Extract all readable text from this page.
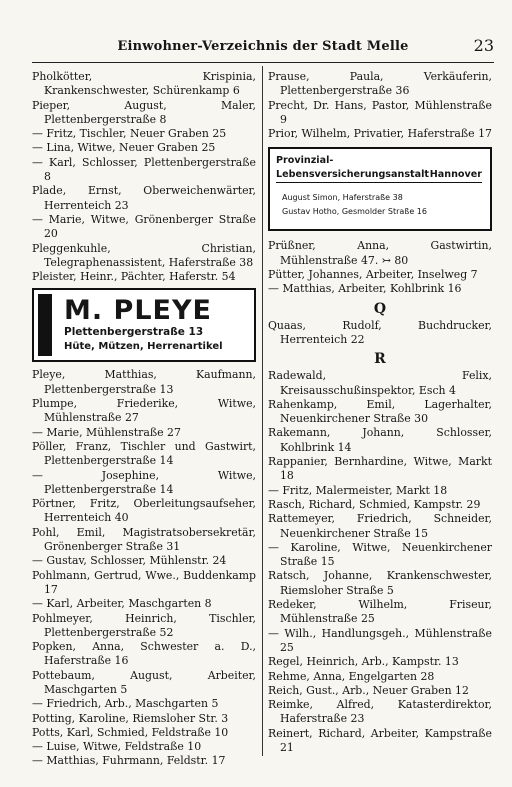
Einwohner-Verzeichnis der Stadt Melle	23

Pholkötter, Krispinia, Krankenschwester, Schürenkamp 6

Pieper, August, Maler, Plettenbergerstraße 8

— Fritz, Tischler, Neuer Graben 25

— Lina, Witwe, Neuer Graben 25

— Karl, Schlosser, Plettenbergerstraße 8

Plade, Ernst, Oberweichenwärter, Herrenteich 23

— Marie, Witwe, Grönenberger Straße 20

Pleggenkuhle, Christian, Telegraphenassistent, Haferstraße 38

Pleister, Heinr., Pächter, Haferstr. 54

M. PLEYE
Plettenbergerstraße 13
Hüte, Mützen, Herrenartikel

Pleye, Matthias, Kaufmann, Plettenbergerstraße 13

Plumpe, Friederike, Witwe, Mühlenstraße 27

— Marie, Mühlenstraße 27

Pöller, Franz, Tischler und Gastwirt, Plettenbergerstraße 14

— Josephine, Witwe, Plettenbergerstraße 14

Pörtner, Fritz, Oberleitungsaufseher, Herrenteich 40

Pohl, Emil, Magistratsobersekretär, Grönenberger Straße 31

— Gustav, Schlosser, Mühlenstr. 24

Pohlmann, Gertrud, Wwe., Buddenkamp 17

— Karl, Arbeiter, Maschgarten 8

Pohlmeyer, Heinrich, Tischler, Plettenbergerstraße 52

Popken, Anna, Schwester a. D., Haferstraße 16

Pottebaum, August, Arbeiter, Maschgarten 5

— Friedrich, Arb., Maschgarten 5

Potting, Karoline, Riemsloher Str. 3

Potts, Karl, Schmied, Feldstraße 10

— Luise, Witwe, Feldstraße 10

— Matthias, Fuhrmann, Feldstr. 17

Prause, Paula, Verkäuferin, Plettenbergerstraße 36

Precht, Dr. Hans, Pastor, Mühlenstraße 9

Prior, Wilhelm, Privatier, Haferstraße 17

Provinzial-
Lebensversicherungsanstalt Hannover
August Simon, Haferstraße 38
Gustav Hotho, Gesmolder Straße 16

Prüßner, Anna, Gastwirtin, Mühlenstraße 47. ↣ 80

Pütter, Johannes, Arbeiter, Inselweg 7

— Matthias, Arbeiter, Kohlbrink 16

Q

Quaas, Rudolf, Buchdrucker, Herrenteich 22

R

Radewald, Felix, Kreisausschußinspektor, Esch 4

Rahenkamp, Emil, Lagerhalter, Neuenkirchener Straße 30

Rakemann, Johann, Schlosser, Kohlbrink 14

Rappanier, Bernhardine, Witwe, Markt 18

— Fritz, Malermeister, Markt 18

Rasch, Richard, Schmied, Kampstr. 29

Rattemeyer, Friedrich, Schneider, Neuenkirchener Straße 15

— Karoline, Witwe, Neuenkirchener Straße 15

Ratsch, Johanne, Krankenschwester, Riemsloher Straße 5

Redeker, Wilhelm, Friseur, Mühlenstraße 25

— Wilh., Handlungsgeh., Mühlenstraße 25

Regel, Heinrich, Arb., Kampstr. 13

Rehme, Anna, Engelgarten 28

Reich, Gust., Arb., Neuer Graben 12

Reimke, Alfred, Katasterdirektor, Haferstraße 23

Reinert, Richard, Arbeiter, Kampstraße 21
